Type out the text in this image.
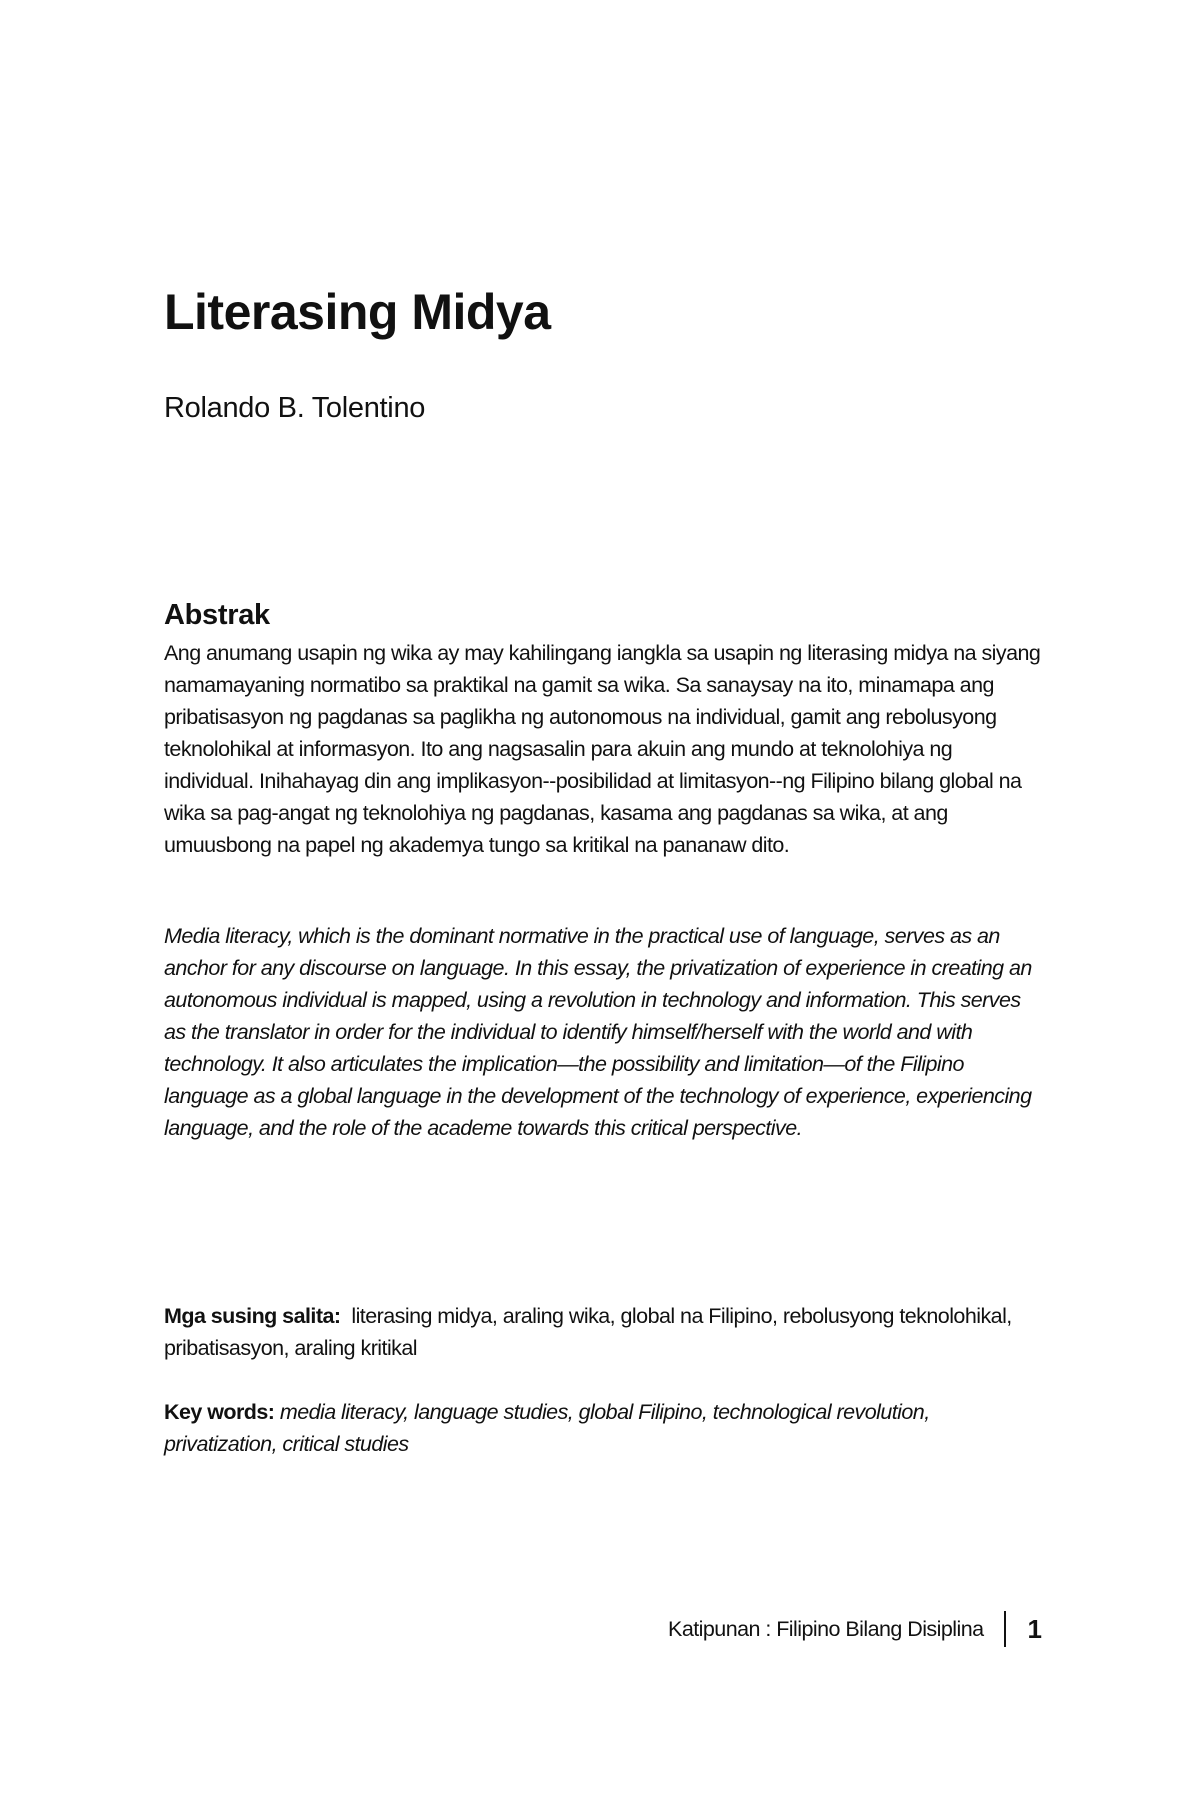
Literasing Midya

Rolando B. Tolentino

Abstrak

Ang anumang usapin ng wika ay may kahilingang iangkla sa usapin ng literasing midya na siyang namamayaning normatibo sa praktikal na gamit sa wika. Sa sanaysay na ito, minamapa ang pribatisasyon ng pagdanas sa paglikha ng autonomous na individual, gamit ang rebolusyong teknolohikal at informasyon. Ito ang nagsasalin para akuin ang mundo at teknolohiya ng individual. Inihahayag din ang implikasyon--posibilidad at limitasyon--ng Filipino bilang global na wika sa pag-angat ng teknolohiya ng pagdanas, kasama ang pagdanas sa wika, at ang umuusbong na papel ng akademya tungo sa kritikal na pananaw dito.

Media literacy, which is the dominant normative in the practical use of language, serves as an anchor for any discourse on language. In this essay, the privatization of experience in creating an autonomous individual is mapped, using a revolution in technology and information. This serves as the translator in order for the individual to identify himself/herself with the world and with technology. It also articulates the implication—the possibility and limitation—of the Filipino language as a global language in the development of the technology of experience, experiencing language, and the role of the academe towards this critical perspective.

Mga susing salita: literasing midya, araling wika, global na Filipino, rebolusyong teknolohikal, pribatisasyon, araling kritikal

Key words: media literacy, language studies, global Filipino, technological revolution, privatization, critical studies

Katipunan : Filipino Bilang Disiplina 1
